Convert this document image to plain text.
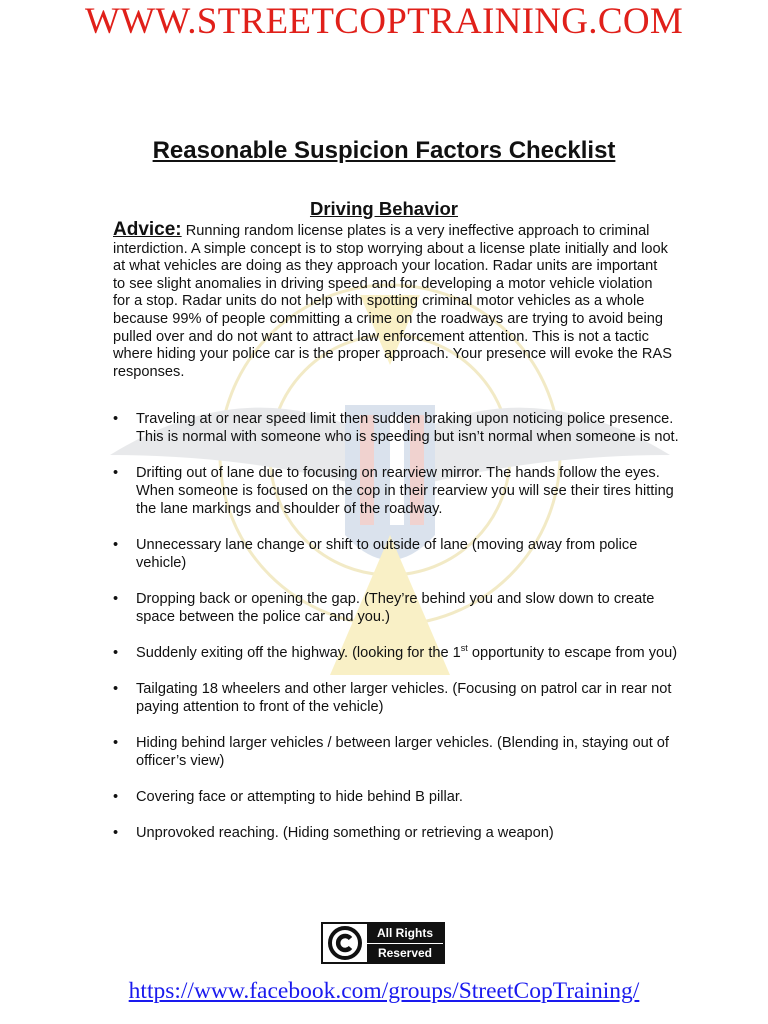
WWW.STREETCOPTRAINING.COM
Reasonable Suspicion Factors Checklist
Driving Behavior
Advice: Running random license plates is a very ineffective approach to criminal interdiction. A simple concept is to stop worrying about a license plate initially and look at what vehicles are doing as they approach your location. Radar units are important to see slight anomalies in driving speed and for developing a motor vehicle violation for a stop. Radar units do not help with spotting criminal motor vehicles as a whole because 99% of people committing a crime on the roadways are trying to avoid being pulled over and do not want to attract law enforcement attention. This is not a tactic where hiding your police car is the proper approach. Your presence will evoke the RAS responses.
• Traveling at or near speed limit then sudden braking upon noticing police presence. This is normal with someone who is speeding but isn’t normal when someone is not.
• Drifting out of lane due to focusing on rearview mirror. The hands follow the eyes. When someone is focused on the cop in their rearview you will see their tires hitting the lane markings and shoulder of the roadway.
• Unnecessary lane change or shift to outside of lane (moving away from police vehicle)
• Dropping back or opening the gap. (They’re behind you and slow down to create space between the police car and you.)
• Suddenly exiting off the highway. (looking for the 1st opportunity to escape from you)
• Tailgating 18 wheelers and other larger vehicles. (Focusing on patrol car in rear not paying attention to front of the vehicle)
• Hiding behind larger vehicles / between larger vehicles. (Blending in, staying out of officer’s view)
• Covering face or attempting to hide behind B pillar.
• Unprovoked reaching. (Hiding something or retrieving a weapon)
All Rights
Reserved
https://www.facebook.com/groups/StreetCopTraining/
